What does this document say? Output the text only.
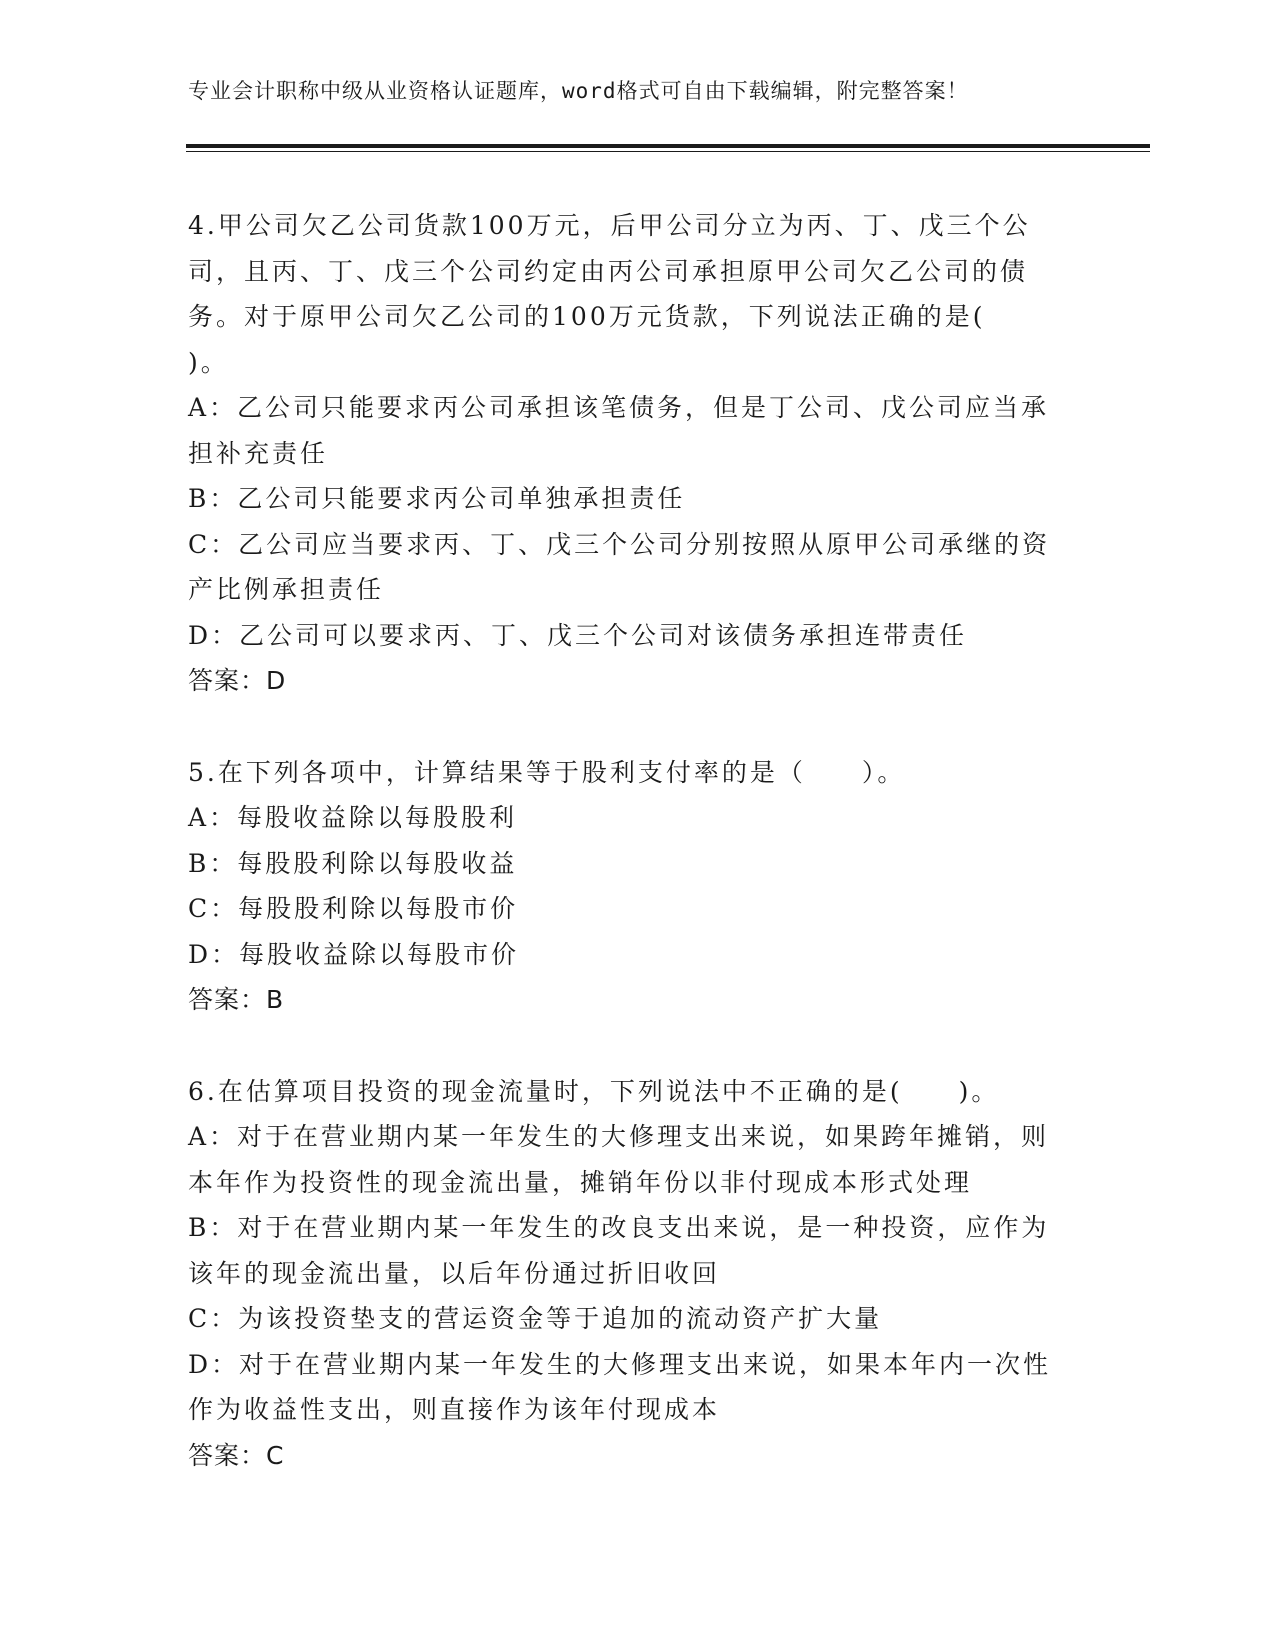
专业会计职称中级从业资格认证题库，word格式可自由下载编辑，附完整答案！
4.甲公司欠乙公司货款100万元，后甲公司分立为丙、丁、戊三个公
司，且丙、丁、戊三个公司约定由丙公司承担原甲公司欠乙公司的债
务。对于原甲公司欠乙公司的100万元货款，下列说法正确的是(
)。
A：乙公司只能要求丙公司承担该笔债务，但是丁公司、戊公司应当承
担补充责任
B：乙公司只能要求丙公司单独承担责任
C：乙公司应当要求丙、丁、戊三个公司分别按照从原甲公司承继的资
产比例承担责任
D：乙公司可以要求丙、丁、戊三个公司对该债务承担连带责任
答案：D
5.在下列各项中，计算结果等于股利支付率的是（　　）。
A：每股收益除以每股股利
B：每股股利除以每股收益
C：每股股利除以每股市价
D：每股收益除以每股市价
答案：B
6.在估算项目投资的现金流量时，下列说法中不正确的是(　　)。
A：对于在营业期内某一年发生的大修理支出来说，如果跨年摊销，则
本年作为投资性的现金流出量，摊销年份以非付现成本形式处理
B：对于在营业期内某一年发生的改良支出来说，是一种投资，应作为
该年的现金流出量，以后年份通过折旧收回
C：为该投资垫支的营运资金等于追加的流动资产扩大量
D：对于在营业期内某一年发生的大修理支出来说，如果本年内一次性
作为收益性支出，则直接作为该年付现成本
答案：C
